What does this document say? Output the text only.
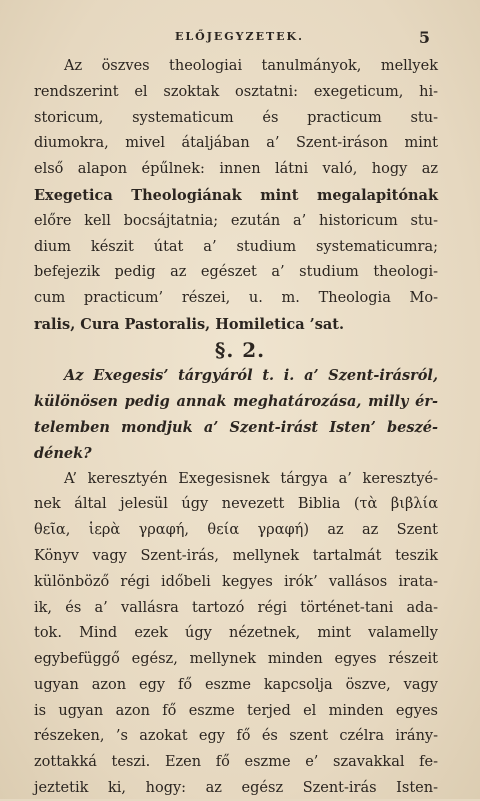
ELŐJEGYZETEK.	5
Az öszves theologiai tanulmányok, mellyek
rendszerint el szoktak osztatni: exegeticum, hi-
storicum, systematicum és practicum stu-
diumokra, mivel átaljában a’ Szent-iráson mint
első alapon épűlnek: innen látni való, hogy az
Exegetica Theologiának mint megalapitónak
előre kell bocsájtatnia; ezután a’ historicum stu-
dium készit útat a’ studium systematicumra;
befejezik pedig az egészet a’ studium theologi-
cum practicum’ részei, u. m. Theologia Mo-
ralis, Cura Pastoralis, Homiletica ’sat.
§. 2.
Az Exegesis’ tárgyáról t. i. a’ Szent-irásról,
különösen pedig annak meghatározása, milly ér-
telemben mondjuk a’ Szent-irást Isten’ beszé-
dének?
A’ keresztyén Exegesisnek tárgya a’ keresztyé-
nek által jelesül úgy nevezett Biblia (τὰ βιβλία
θεῖα, ἱερὰ γραφή, θεία γραφή) az az Szent
Könyv vagy Szent-irás, mellynek tartalmát teszik
különböző régi időbeli kegyes irók’ vallásos irata-
ik, és a’ vallásra tartozó régi történet-tani ada-
tok. Mind ezek úgy nézetnek, mint valamelly
egybefüggő egész, mellynek minden egyes részeit
ugyan azon egy fő eszme kapcsolja öszve, vagy
is ugyan azon fő eszme terjed el minden egyes
részeken, ’s azokat egy fő és szent czélra irány-
zottakká teszi. Ezen fő eszme e’ szavakkal fe-
jeztetik ki, hogy: az egész Szent-irás Isten-
